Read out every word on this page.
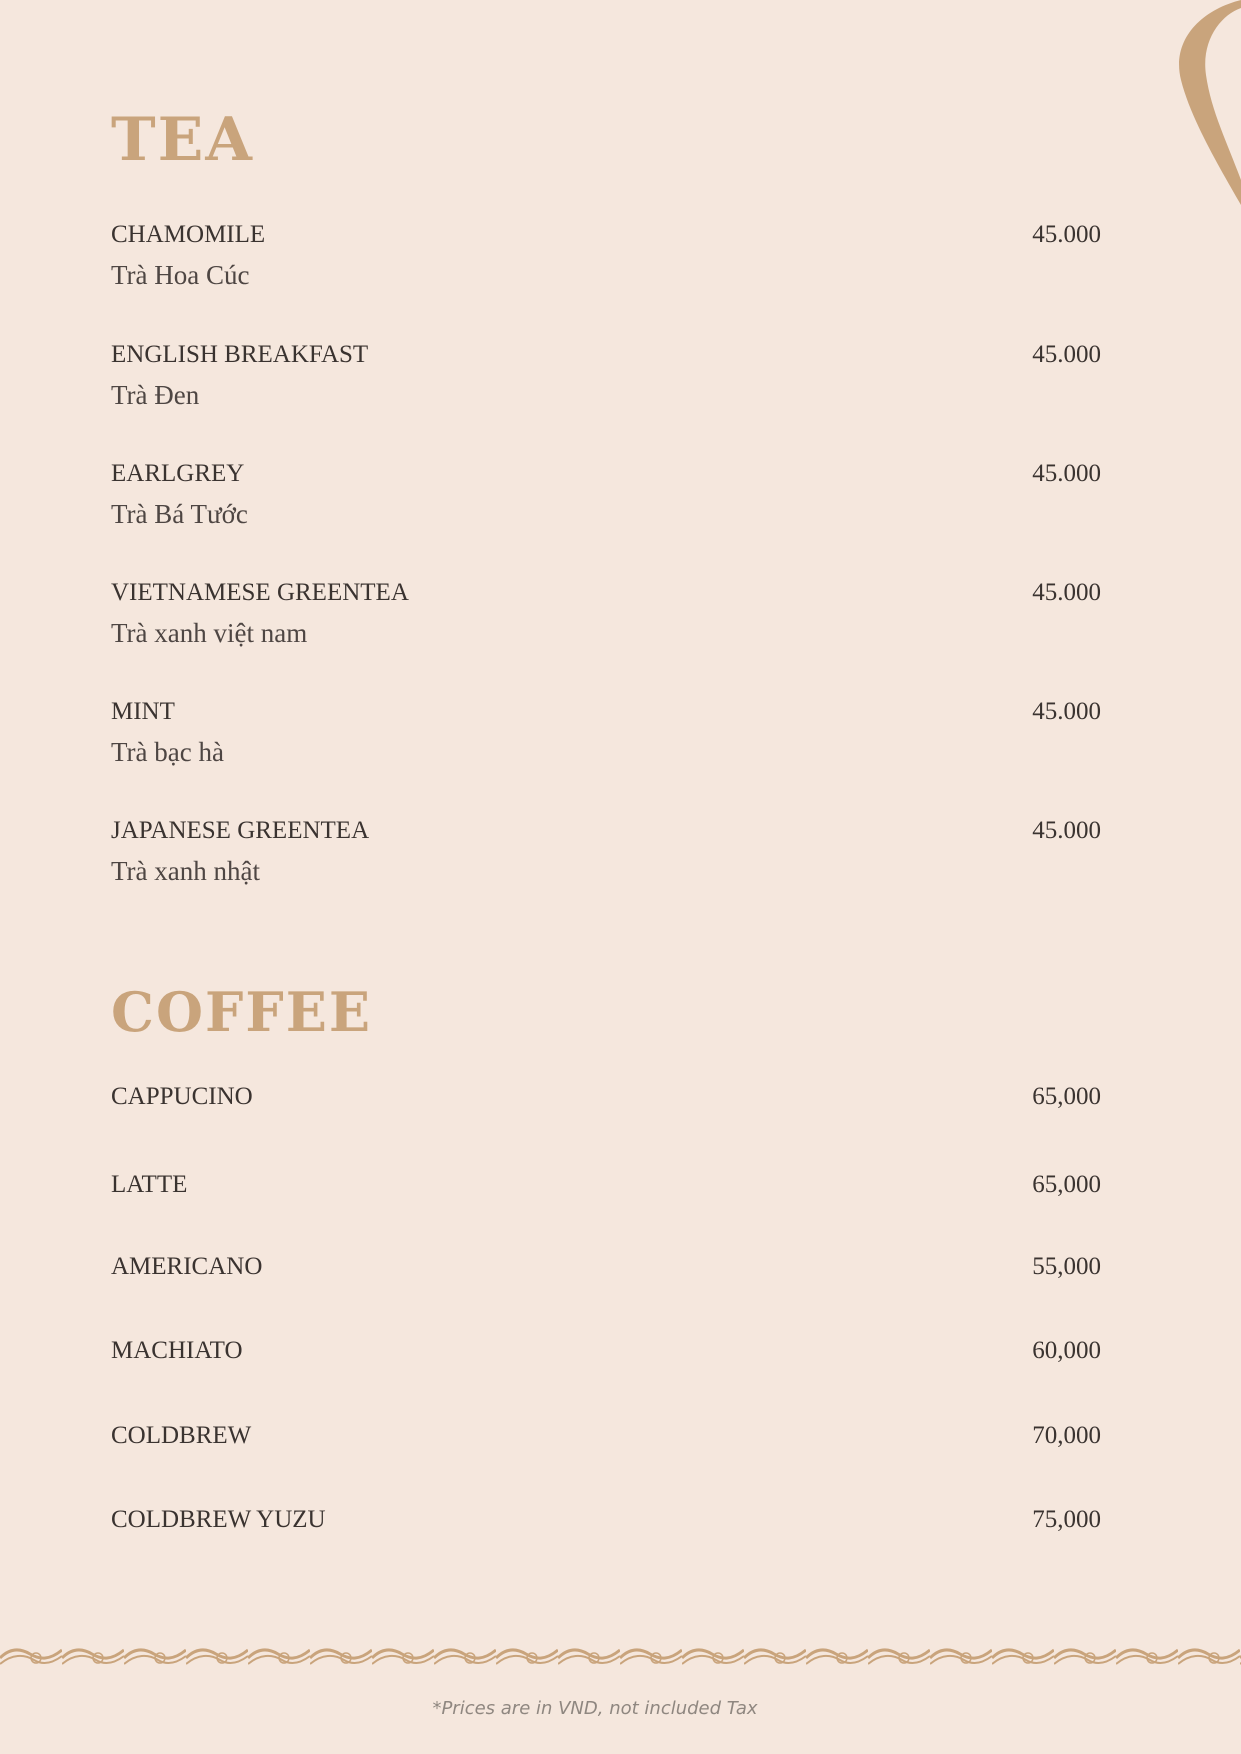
TEA
CHAMOMILE
Trà Hoa Cúc
45.000
ENGLISH BREAKFAST
Trà Đen
45.000
EARLGREY
Trà Bá Tước
45.000
VIETNAMESE GREENTEA
Trà xanh việt nam
45.000
MINT
Trà bạc hà
45.000
JAPANESE GREENTEA
Trà xanh nhật
45.000
COFFEE
CAPPUCINO	65,000
LATTE	65,000
AMERICANO	55,000
MACHIATO	60,000
COLDBREW	70,000
COLDBREW YUZU	75,000
*Prices are in VND, not included Tax
